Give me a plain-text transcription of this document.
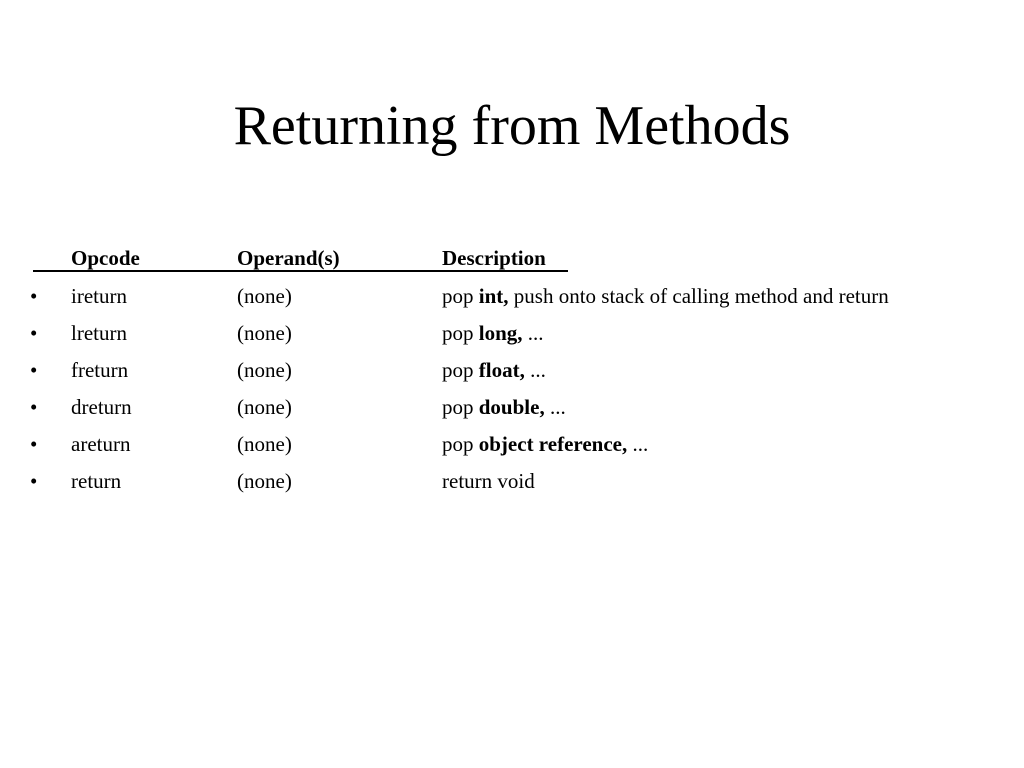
Returning from Methods
Opcode	Operand(s)	Description
• ireturn	(none)	pop int, push onto stack of calling method and return
• lreturn	(none)	pop long, ...
• freturn	(none)	pop float, ...
• dreturn	(none)	pop double, ...
• areturn	(none)	pop object reference, ...
• return	(none)	return void
